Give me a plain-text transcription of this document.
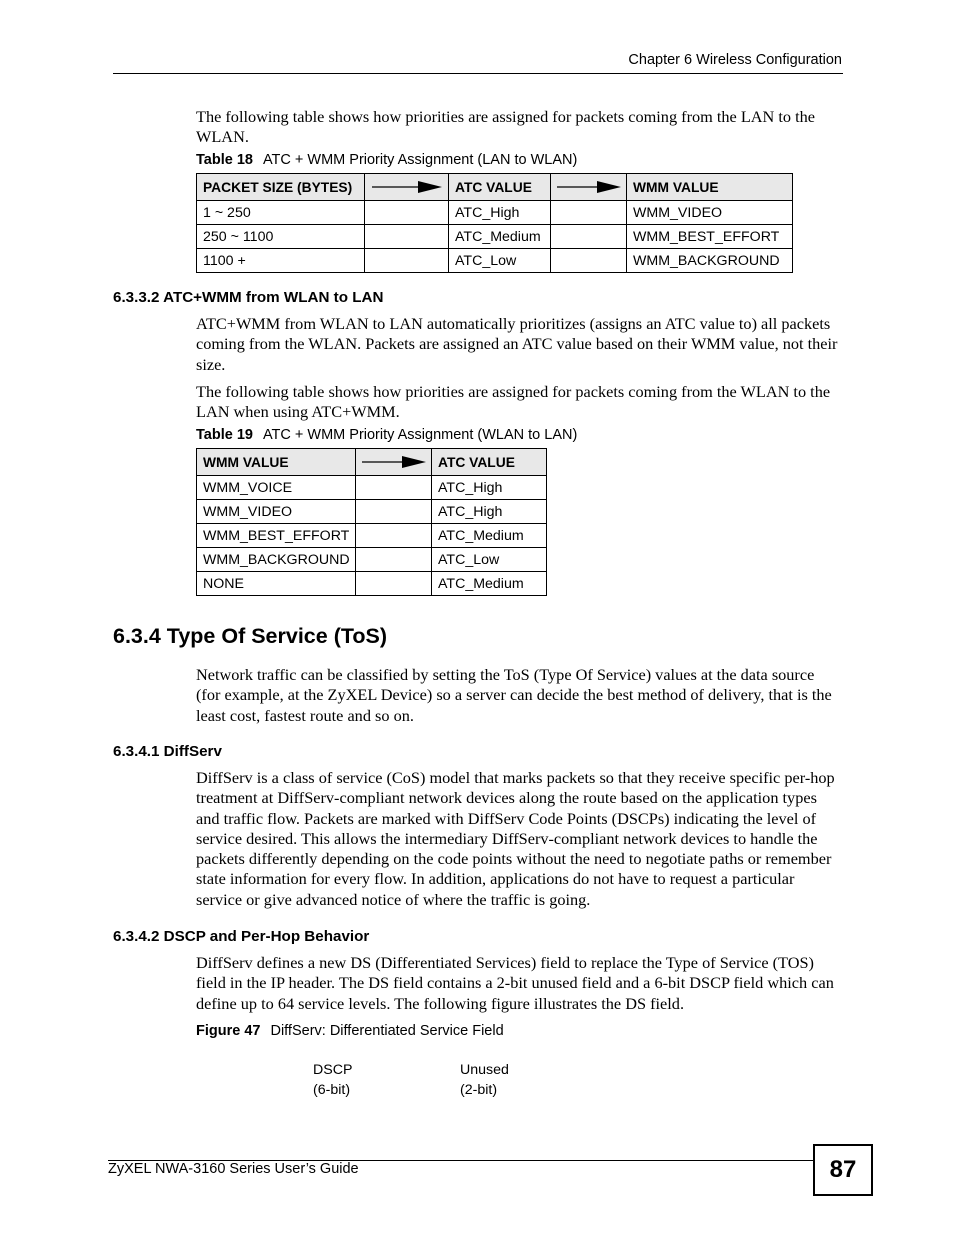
Chapter 6 Wireless Configuration
The following table shows how priorities are assigned for packets coming from the LAN to the WLAN.
Table 18 ATC + WMM Priority Assignment (LAN to WLAN)
PACKET SIZE (BYTES)		ATC VALUE		WMM VALUE
1 ~ 250		ATC_High		WMM_VIDEO
250 ~ 1100		ATC_Medium		WMM_BEST_EFFORT
1100 +		ATC_Low		WMM_BACKGROUND
6.3.3.2 ATC+WMM from WLAN to LAN
ATC+WMM from WLAN to LAN automatically prioritizes (assigns an ATC value to) all packets coming from the WLAN. Packets are assigned an ATC value based on their WMM value, not their size.
The following table shows how priorities are assigned for packets coming from the WLAN to the LAN when using ATC+WMM.
Table 19 ATC + WMM Priority Assignment (WLAN to LAN)
WMM VALUE		ATC VALUE
WMM_VOICE		ATC_High
WMM_VIDEO		ATC_High
WMM_BEST_EFFORT		ATC_Medium
WMM_BACKGROUND		ATC_Low
NONE		ATC_Medium
6.3.4 Type Of Service (ToS)
Network traffic can be classified by setting the ToS (Type Of Service) values at the data source (for example, at the ZyXEL Device) so a server can decide the best method of delivery, that is the least cost, fastest route and so on.
6.3.4.1 DiffServ
DiffServ is a class of service (CoS) model that marks packets so that they receive specific per-hop treatment at DiffServ-compliant network devices along the route based on the application types and traffic flow. Packets are marked with DiffServ Code Points (DSCPs) indicating the level of service desired. This allows the intermediary DiffServ-compliant network devices to handle the packets differently depending on the code points without the need to negotiate paths or remember state information for every flow. In addition, applications do not have to request a particular service or give advanced notice of where the traffic is going.
6.3.4.2 DSCP and Per-Hop Behavior
DiffServ defines a new DS (Differentiated Services) field to replace the Type of Service (TOS) field in the IP header. The DS field contains a 2-bit unused field and a 6-bit DSCP field which can define up to 64 service levels. The following figure illustrates the DS field.
Figure 47 DiffServ: Differentiated Service Field
DSCP
(6-bit)
Unused
(2-bit)
ZyXEL NWA-3160 Series User’s Guide	87
